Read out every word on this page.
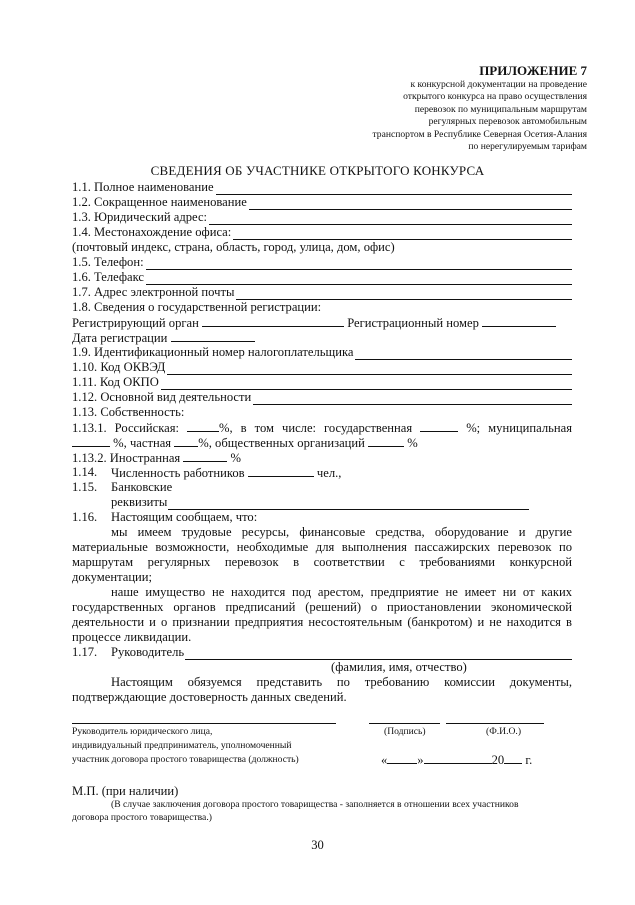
ПРИЛОЖЕНИЕ 7
к конкурсной документации на проведение
открытого конкурса на право осуществления
перевозок по муниципальным маршрутам
регулярных перевозок автомобильным
транспортом в Республике Северная Осетия-Алания
по нерегулируемым тарифам
СВЕДЕНИЯ ОБ УЧАСТНИКЕ ОТКРЫТОГО КОНКУРСА
1.1. Полное наименование
1.2. Сокращенное наименование
1.3. Юридический адрес:
1.4. Местонахождение офиса:
(почтовый индекс, страна, область, город, улица, дом, офис)
1.5. Телефон:
1.6. Телефакс
1.7. Адрес электронной почты
1.8. Сведения о государственной регистрации:
Регистрирующий орган	Регистрационный номер
Дата регистрации
1.9. Идентификационный номер налогоплательщика
1.10. Код ОКВЭД
1.11. Код ОКПО
1.12. Основной вид деятельности
1.13. Собственность:
1.13.1. Российская:	%, в том числе: государственная	%; муниципальная
%, частная %, общественных организаций	%
1.13.2. Иностранная	%
1.14. Численность работников	чел.,
1.15. Банковские
реквизиты
1.16. Настоящим сообщаем, что:
мы имеем трудовые ресурсы, финансовые средства, оборудование и другие
материальные возможности, необходимые для выполнения пассажирских перевозок по
маршрутам регулярных перевозок в соответствии с требованиями конкурсной
документации;
наше имущество не находится под арестом, предприятие не имеет ни от каких
государственных органов предписаний (решений) о приостановлении экономической
деятельности и о признании предприятия несостоятельным (банкротом) и не находится в
процессе ликвидации.
1.17. Руководитель
(фамилия, имя, отчество)
Настоящим обязуемся представить по требованию комиссии документы,
подтверждающие достоверность данных сведений.
Руководитель юридического лица,
индивидуальный предприниматель, уполномоченный
участник договора простого товарищества (должность)
(Подпись)	(Ф.И.О.)
« »	20 г.
М.П. (при наличии)
(В случае заключения договора простого товарищества - заполняется в отношении всех участников
договора простого товарищества.)
30
